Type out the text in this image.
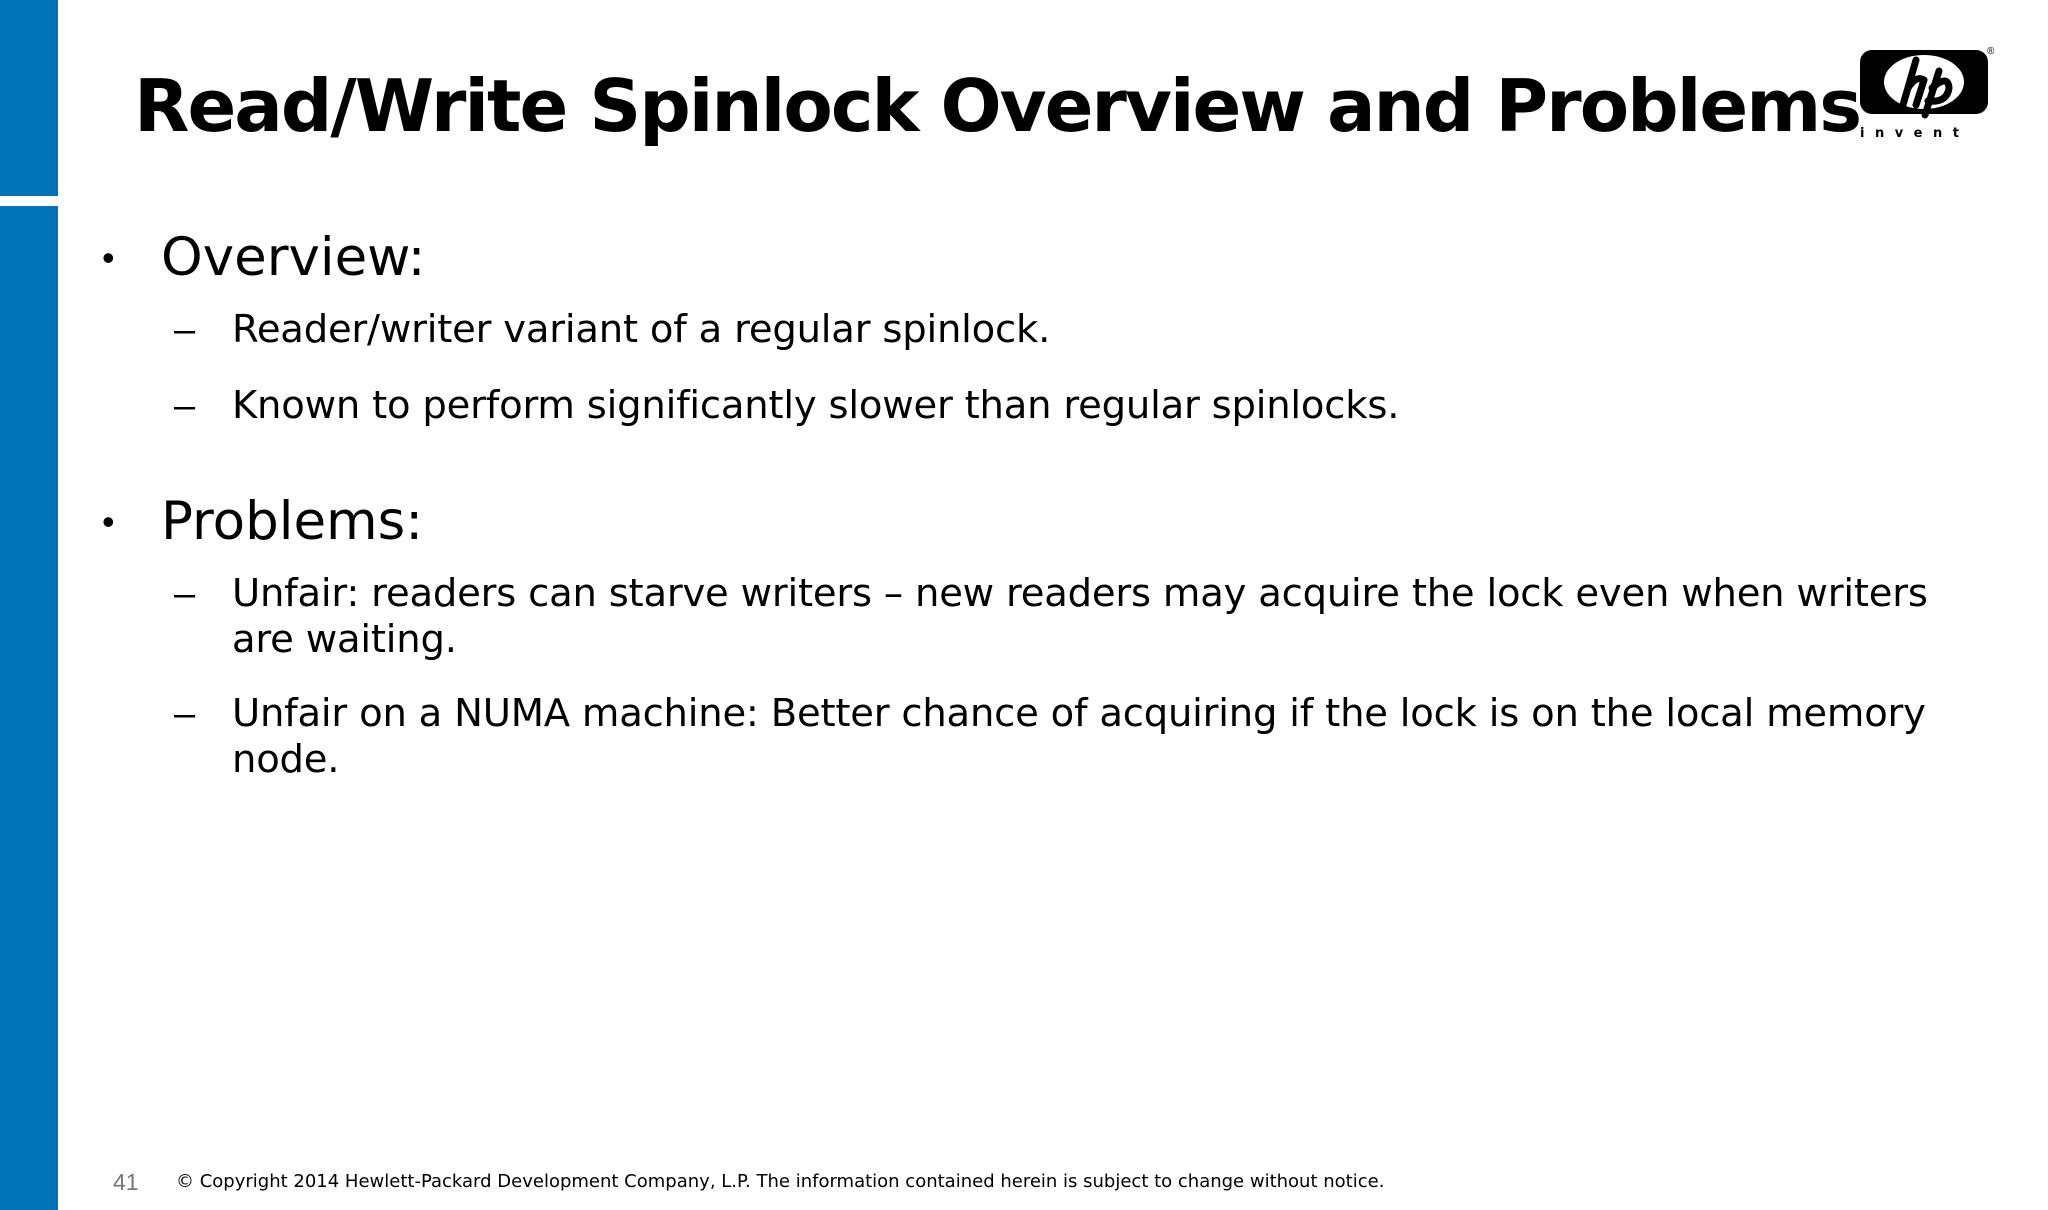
Read/Write Spinlock Overview and Problems
®
invent
• Overview:
– Reader/writer variant of a regular spinlock.
– Known to perform significantly slower than regular spinlocks.
• Problems:
– Unfair: readers can starve writers – new readers may acquire the lock even when writers are waiting.
– Unfair on a NUMA machine: Better chance of acquiring if the lock is on the local memory node.
41 © Copyright 2014 Hewlett-Packard Development Company, L.P. The information contained herein is subject to change without notice.
